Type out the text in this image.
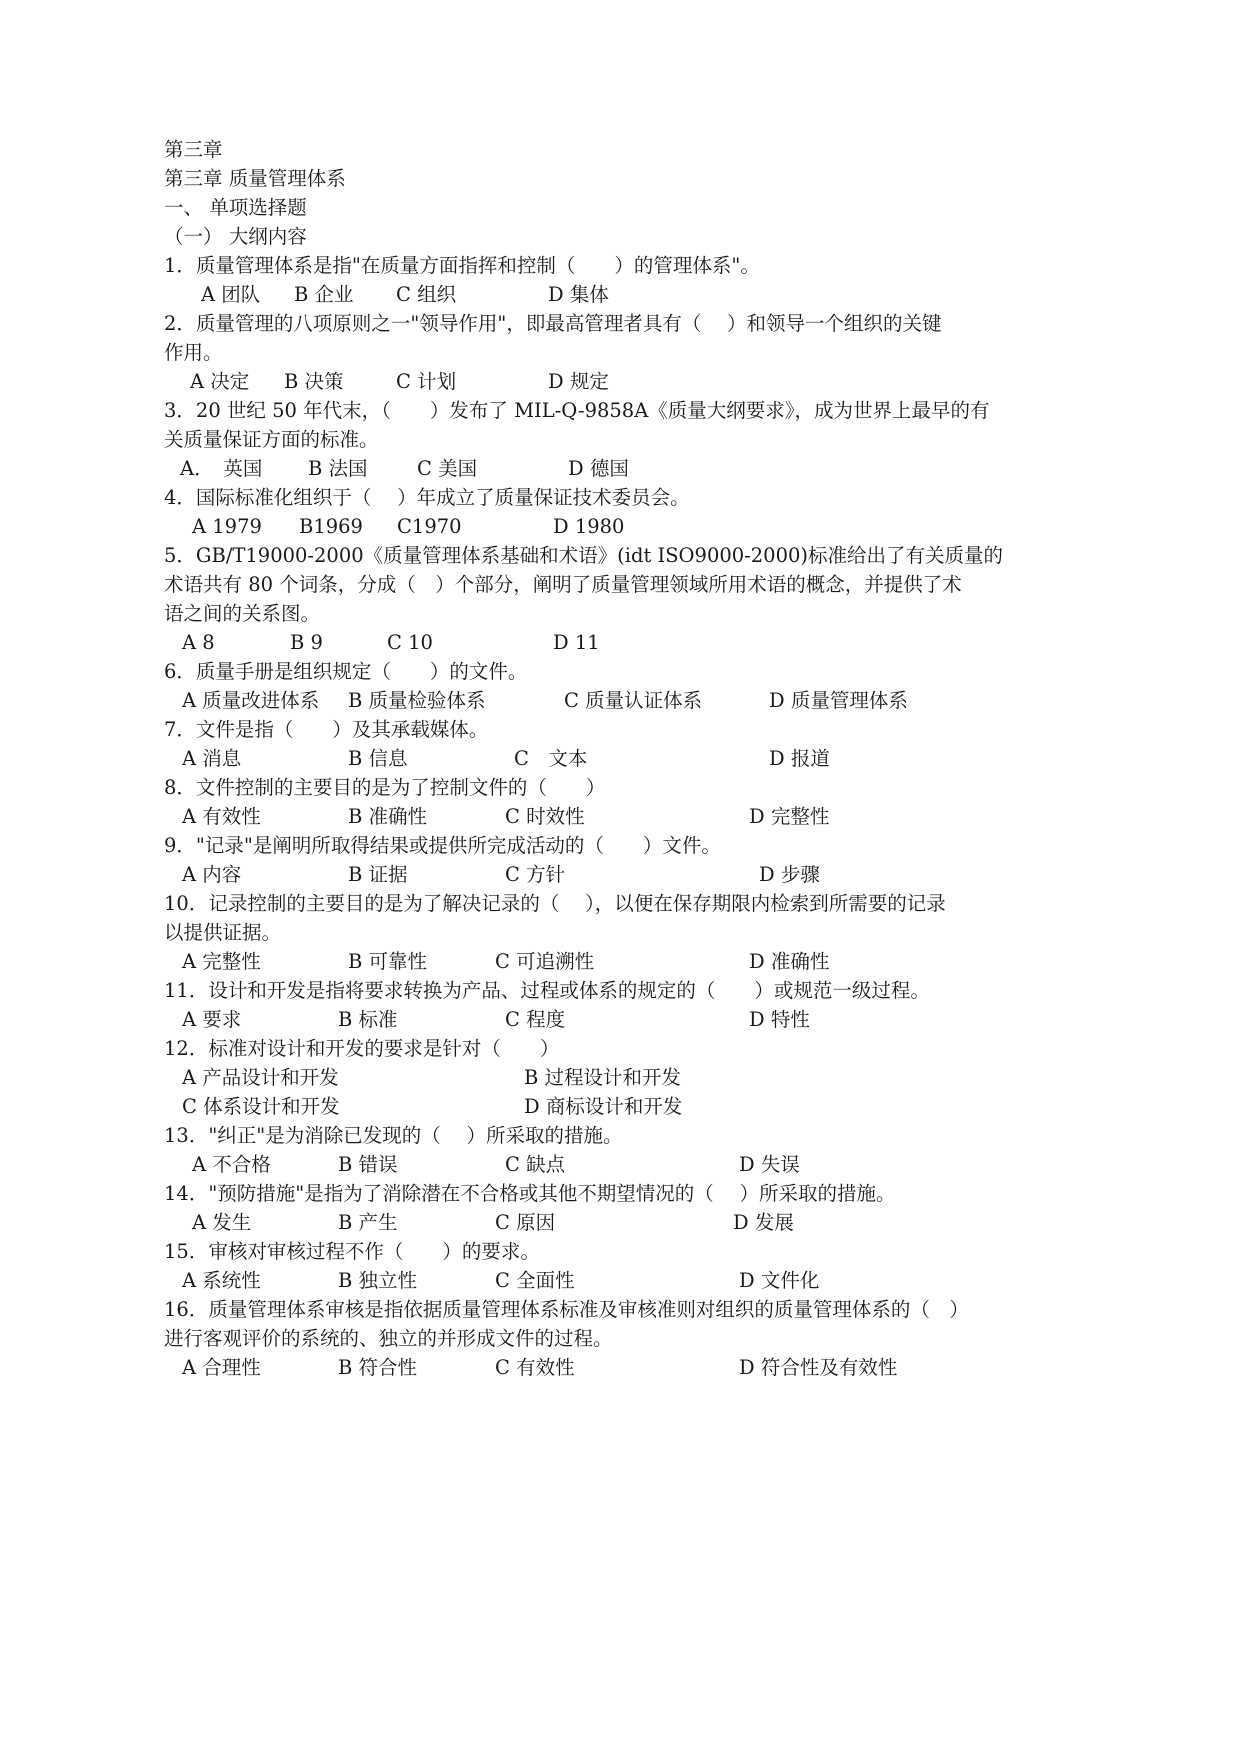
第三章
第三章 质量管理体系
一、 单项选择题
（一） 大纲内容
1．质量管理体系是指"在质量方面指挥和控制（　　）的管理体系"。
A 团队 B 企业 C 组织	D 集体
2．质量管理的八项原则之一"领导作用"，即最高管理者具有（　 ）和领导一个组织的关键
作用。
A 决定 B 决策	C 计划	D 规定
3．20 世纪 50 年代末，（　　）发布了 MIL-Q-9858A《质量大纲要求》，成为世界上最早的有
关质量保证方面的标准。
A．　英国 B 法国	C 美国	D 德国
4．国际标准化组织于（　 ）年成立了质量保证技术委员会。
A 1979 B1969 C1970	D 1980
5．GB/T19000-2000《质量管理体系基础和术语》(idt ISO9000-2000)标准给出了有关质量的
术语共有 80 个词条，分成（　）个部分，阐明了质量管理领域所用术语的概念，并提供了术
语之间的关系图。
A 8	B 9	C 10	D 11
6．质量手册是组织规定（　　）的文件。
A 质量改进体系 B 质量检验体系	C 质量认证体系	D 质量管理体系
7．文件是指（　　）及其承载媒体。
A 消息	B 信息	C　文本	D 报道
8．文件控制的主要目的是为了控制文件的（　　）
A 有效性	B 准确性	C 时效性	D 完整性
9．"记录"是阐明所取得结果或提供所完成活动的（　　）文件。
A 内容	B 证据	C 方针	D 步骤
10．记录控制的主要目的是为了解决记录的（　 ），以便在保存期限内检索到所需要的记录
以提供证据。
A 完整性	B 可靠性	C 可追溯性	D 准确性
11．设计和开发是指将要求转换为产品、过程或体系的规定的（　　）或规范一级过程。
A 要求	B 标准	C 程度	D 特性
12．标准对设计和开发的要求是针对（　　）
A 产品设计和开发	B 过程设计和开发
C 体系设计和开发	D 商标设计和开发
13．"纠正"是为消除已发现的（　 ）所采取的措施。
A 不合格	B 错误	C 缺点	D 失误
14．"预防措施"是指为了消除潜在不合格或其他不期望情况的（　 ）所采取的措施。
A 发生	B 产生	C 原因	D 发展
15．审核对审核过程不作（　　）的要求。
A 系统性	B 独立性	C 全面性	D 文件化
16．质量管理体系审核是指依据质量管理体系标准及审核准则对组织的质量管理体系的（　）
进行客观评价的系统的、独立的并形成文件的过程。
A 合理性	B 符合性	C 有效性	D 符合性及有效性
